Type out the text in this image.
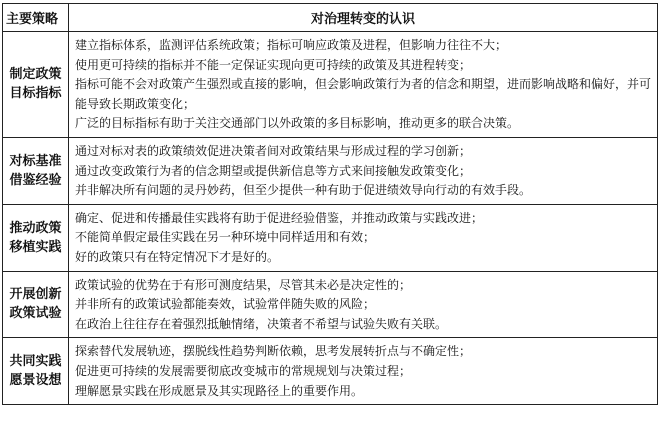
主要策略	对治理转变的认识

制定政策
目标指标	建立指标体系，监测评估系统政策；指标可响应政策及进程，但影响力往往不大；
使用更可持续的指标并不能一定保证实现向更可持续的政策及其进程转变；
指标可能不会对政策产生强烈或直接的影响，但会影响政策行为者的信念和期望，进而影响战略和偏好，并可能导致长期政策变化；
广泛的目标指标有助于关注交通部门以外政策的多目标影响，推动更多的联合决策。

对标基准
借鉴经验	通过对标对表的政策绩效促进决策者间对政策结果与形成过程的学习创新；
通过改变政策行为者的信念期望或提供新信息等方式来间接触发政策变化；
并非解决所有问题的灵丹妙药，但至少提供一种有助于促进绩效导向行动的有效手段。

推动政策
移植实践	确定、促进和传播最佳实践将有助于促进经验借鉴，并推动政策与实践改进；
不能简单假定最佳实践在另一种环境中同样适用和有效；
好的政策只有在特定情况下才是好的。

开展创新
政策试验	政策试验的优势在于有形可测度结果，尽管其未必是决定性的；
并非所有的政策试验都能奏效，试验常伴随失败的风险；
在政治上往往存在着强烈抵触情绪，决策者不希望与试验失败有关联。

共同实践
愿景设想	探索替代发展轨迹，摆脱线性趋势判断依赖，思考发展转折点与不确定性；
促进更可持续的发展需要彻底改变城市的常规规划与决策过程；
理解愿景实践在形成愿景及其实现路径上的重要作用。
